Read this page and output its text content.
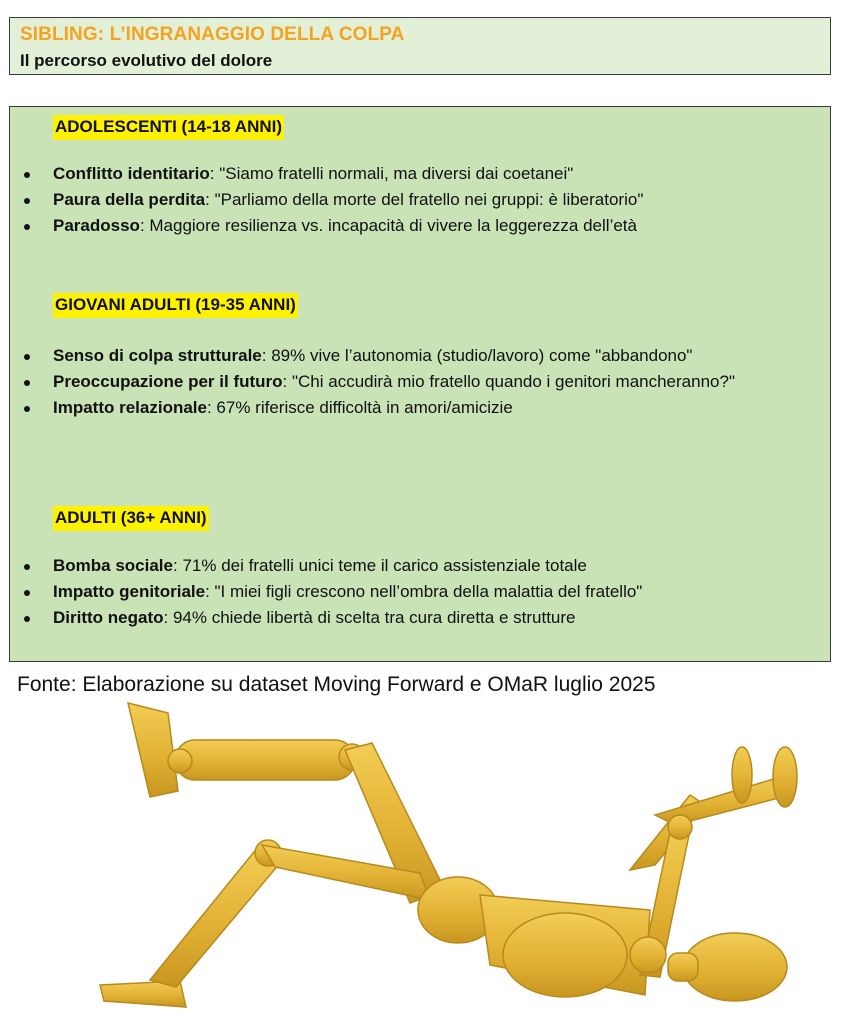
SIBLING: L’INGRANAGGIO DELLA COLPA
Il percorso evolutivo del dolore
ADOLESCENTI (14-18 ANNI)
Conflitto identitario: "Siamo fratelli normali, ma diversi dai coetanei"
Paura della perdita: "Parliamo della morte del fratello nei gruppi: è liberatorio"
Paradosso: Maggiore resilienza vs. incapacità di vivere la leggerezza dell’età
GIOVANI ADULTI (19-35 ANNI)
Senso di colpa strutturale: 89% vive l’autonomia (studio/lavoro) come "abbandono"
Preoccupazione per il futuro: "Chi accudirà mio fratello quando i genitori mancheranno?"
Impatto relazionale: 67% riferisce difficoltà in amori/amicizie
ADULTI (36+ ANNI)
Bomba sociale: 71% dei fratelli unici teme il carico assistenziale totale
Impatto genitoriale: "I miei figli crescono nell’ombra della malattia del fratello"
Diritto negato: 94% chiede libertà di scelta tra cura diretta e strutture
Fonte: Elaborazione su dataset Moving Forward e OMaR luglio 2025
